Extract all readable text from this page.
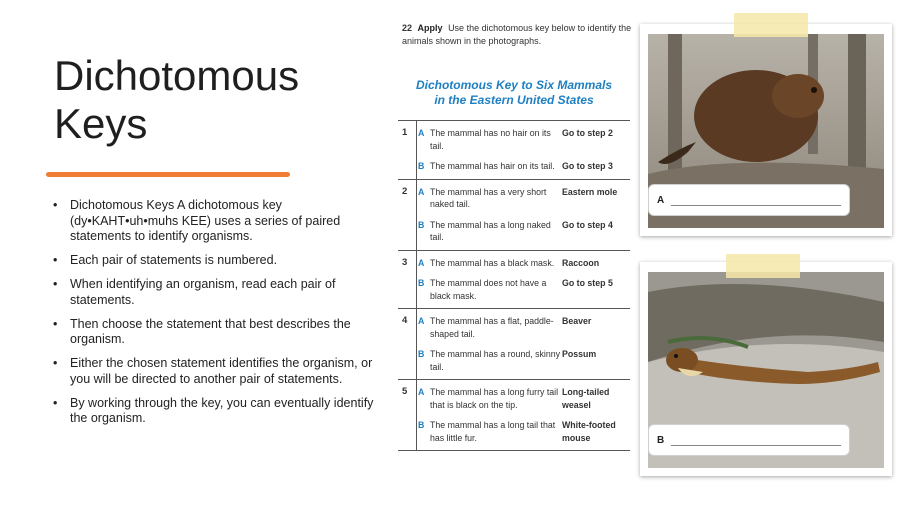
Dichotomous
Keys
• Dichotomous Keys A dichotomous key (dy•KAHT•uh•muhs KEE) uses a series of paired statements to identify organisms.
• Each pair of statements is numbered.
• When identifying an organism, read each pair of statements.
• Then choose the statement that best describes the organism.
• Either the chosen statement identifies the organism, or you will be directed to another pair of statements.
• By working through the key, you can eventually identify the organism.
22 Apply Use the dichotomous key below to identify the animals shown in the photographs.
Dichotomous Key to Six Mammals
in the Eastern United States
1 A The mammal has no hair on its tail.
Go to step 2
B The mammal has hair on its tail. Go to step 3
2 A The mammal has a very short naked tail.
Eastern mole
B The mammal has a long naked tail.
Go to step 4
3 A The mammal has a black mask. Raccoon
B The mammal does not have a black mask.
Go to step 5
4 A The mammal has a flat, paddle-shaped tail.
Beaver
B The mammal has a round, skinny tail.
Possum
5 A The mammal has a long furry tail that is black on the tip.
Long-tailed weasel
B The mammal has a long tail that has little fur.
White-footed mouse
A
B
